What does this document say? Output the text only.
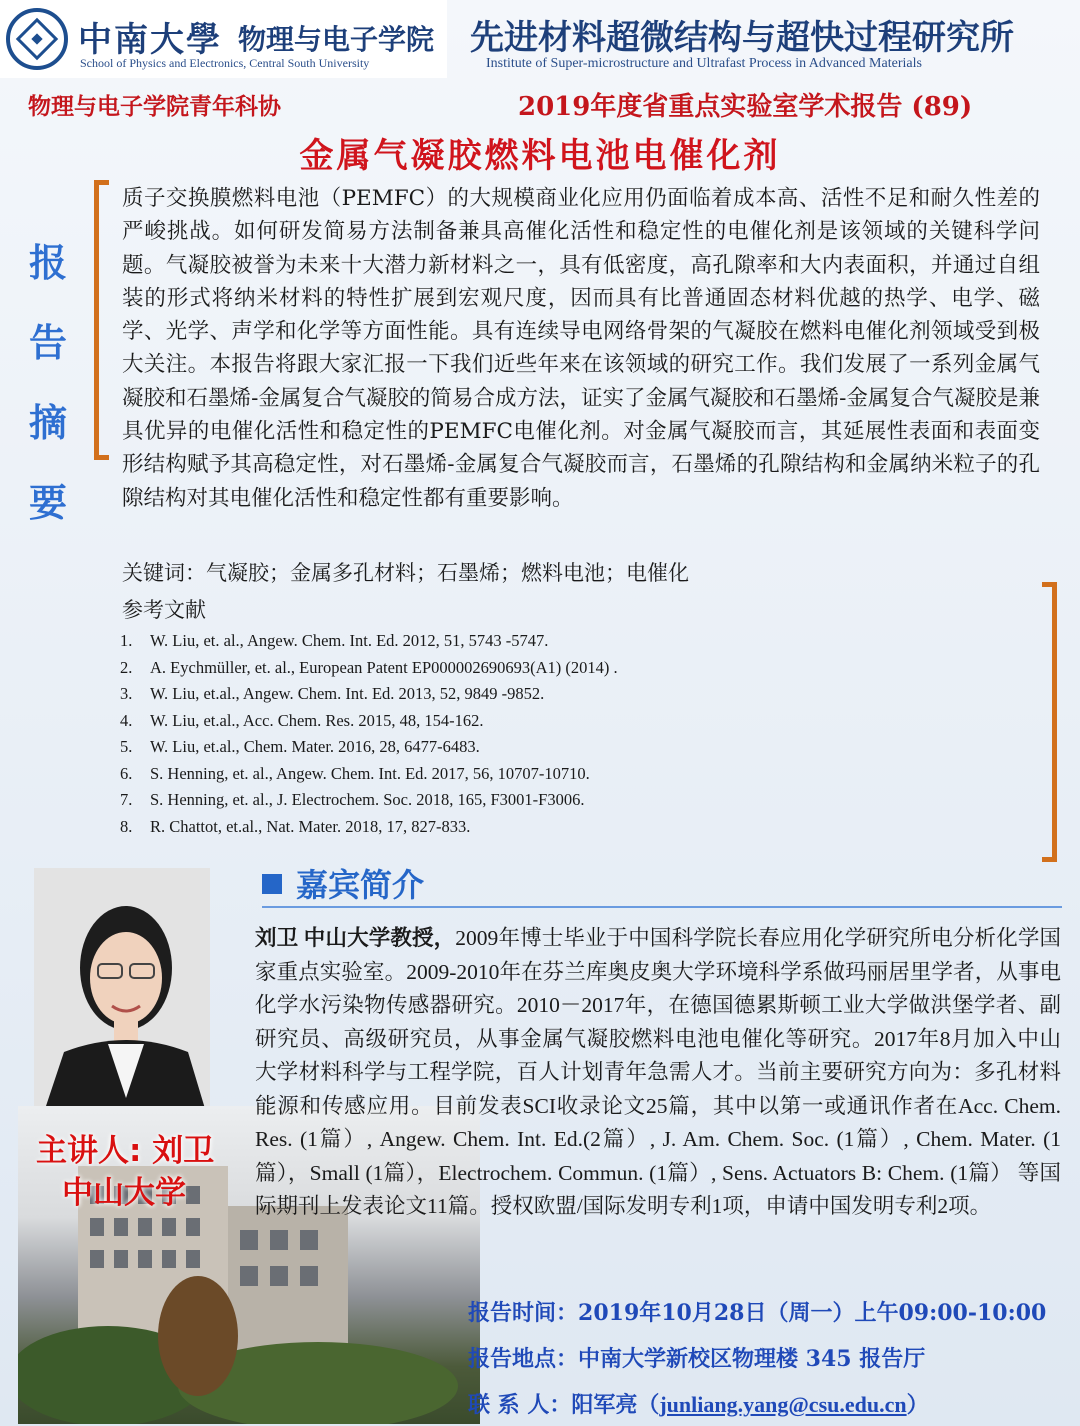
中南大學 物理与电子学院
School of Physics and Electronics, Central South University
先进材料超微结构与超快过程研究所
Institute of Super-microstructure and Ultrafast Process in Advanced Materials
物理与电子学院青年科协	2019年度省重点实验室学术报告 (89)
金属气凝胶燃料电池电催化剂
报
告
摘
要
质子交换膜燃料电池（PEMFC）的大规模商业化应用仍面临着成本高、活性不足和耐久性差的严峻挑战。如何研发简易方法制备兼具高催化活性和稳定性的电催化剂是该领域的关键科学问题。气凝胶被誉为未来十大潜力新材料之一，具有低密度，高孔隙率和大内表面积，并通过自组装的形式将纳米材料的特性扩展到宏观尺度，因而具有比普通固态材料优越的热学、电学、磁学、光学、声学和化学等方面性能。具有连续导电网络骨架的气凝胶在燃料电催化剂领域受到极大关注。本报告将跟大家汇报一下我们近些年来在该领域的研究工作。我们发展了一系列金属气凝胶和石墨烯-金属复合气凝胶的简易合成方法，证实了金属气凝胶和石墨烯-金属复合气凝胶是兼具优异的电催化活性和稳定性的PEMFC电催化剂。对金属气凝胶而言，其延展性表面和表面变形结构赋予其高稳定性，对石墨烯-金属复合气凝胶而言，石墨烯的孔隙结构和金属纳米粒子的孔隙结构对其电催化活性和稳定性都有重要影响。
关键词：气凝胶；金属多孔材料；石墨烯；燃料电池；电催化
参考文献
1. W. Liu, et. al., Angew. Chem. Int. Ed. 2012, 51, 5743 -5747.
2. A. Eychmüller, et. al., European Patent EP000002690693(A1) (2014) .
3. W. Liu, et.al., Angew. Chem. Int. Ed. 2013, 52, 9849 -9852.
4. W. Liu, et.al., Acc. Chem. Res. 2015, 48, 154-162.
5. W. Liu, et.al., Chem. Mater. 2016, 28, 6477-6483.
6. S. Henning, et. al., Angew. Chem. Int. Ed. 2017, 56, 10707-10710.
7. S. Henning, et. al., J. Electrochem. Soc. 2018, 165, F3001-F3006.
8. R. Chattot, et.al., Nat. Mater. 2018, 17, 827-833.
主讲人: 刘卫
中山大学
嘉宾简介
刘卫 中山大学教授，2009年博士毕业于中国科学院长春应用化学研究所电分析化学国家重点实验室。2009-2010年在芬兰库奥皮奥大学环境科学系做玛丽居里学者，从事电化学水污染物传感器研究。2010－2017年，在德国德累斯顿工业大学做洪堡学者、副研究员、高级研究员，从事金属气凝胶燃料电池电催化等研究。2017年8月加入中山大学材料科学与工程学院，百人计划青年急需人才。当前主要研究方向为：多孔材料能源和传感应用。目前发表SCI收录论文25篇，其中以第一或通讯作者在Acc. Chem. Res. (1篇）, Angew. Chem. Int. Ed.(2篇）, J. Am. Chem. Soc. (1篇）, Chem. Mater. (1篇），Small (1篇），Electrochem. Commun. (1篇）, Sens. Actuators B: Chem. (1篇） 等国际期刊上发表论文11篇。授权欧盟/国际发明专利1项，申请中国发明专利2项。
报告时间：2019年10月28日（周一）上午09:00-10:00
报告地点：中南大学新校区物理楼 345 报告厅
联 系 人：阳军亮（junliang.yang@csu.edu.cn）
